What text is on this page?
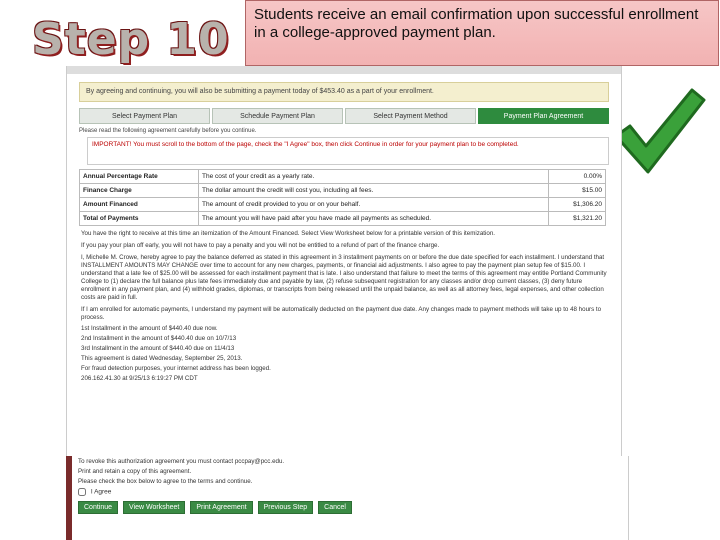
Step 10	Students receive an email confirmation upon successful enrollment in a college-approved payment plan.
By agreeing and continuing, you will also be submitting a payment today of $453.40 as a part of your enrollment.
Select Payment Plan	Schedule Payment Plan	Select Payment Method	Payment Plan Agreement
Please read the following agreement carefully before you continue.
IMPORTANT! You must scroll to the bottom of the page, check the "I Agree" box, then click Continue in order for your payment plan to be completed.
Annual Percentage Rate	The cost of your credit as a yearly rate.	0.00%
Finance Charge	The dollar amount the credit will cost you, including all fees.	$15.00
Amount Financed	The amount of credit provided to you or on your behalf.	$1,306.20
Total of Payments	The amount you will have paid after you have made all payments as scheduled.	$1,321.20
You have the right to receive at this time an itemization of the Amount Financed. Select View Worksheet below for a printable version of this itemization.
If you pay your plan off early, you will not have to pay a penalty and you will not be entitled to a refund of part of the finance charge.
I, Michelle M. Crowe, hereby agree to pay the balance deferred as stated in this agreement in 3 installment payments on or before the due date specified for each installment. I understand that INSTALLMENT AMOUNTS MAY CHANGE over time to account for any new charges, payments, or financial aid adjustments. I also agree to pay the payment plan setup fee of $15.00. I understand that a late fee of $25.00 will be assessed for each installment payment that is late. I also understand that failure to meet the terms of this agreement may entitle Portland Community College to (1) declare the full balance plus late fees immediately due and payable by law, (2) refuse subsequent registration for any classes and/or drop current classes, (3) deny future enrollment in any payment plan, and (4) withhold grades, diplomas, or transcripts from being released until the unpaid balance, as well as all attorney fees, legal expenses, and other collection costs are paid in full.
If I am enrolled for automatic payments, I understand my payment will be automatically deducted on the payment due date. Any changes made to payment methods will take up to 48 hours to process.
1st Installment in the amount of $440.40 due now.
2nd Installment in the amount of $440.40 due on 10/7/13
3rd Installment in the amount of $440.40 due on 11/4/13
This agreement is dated Wednesday, September 25, 2013.
For fraud detection purposes, your internet address has been logged.
206.162.41.30 at 9/25/13 6:19:27 PM CDT
To revoke this authorization agreement you must contact pccpay@pcc.edu.
Print and retain a copy of this agreement.
Please check the box below to agree to the terms and continue.
I Agree
Continue	View Worksheet	Print Agreement	Previous Step	Cancel
